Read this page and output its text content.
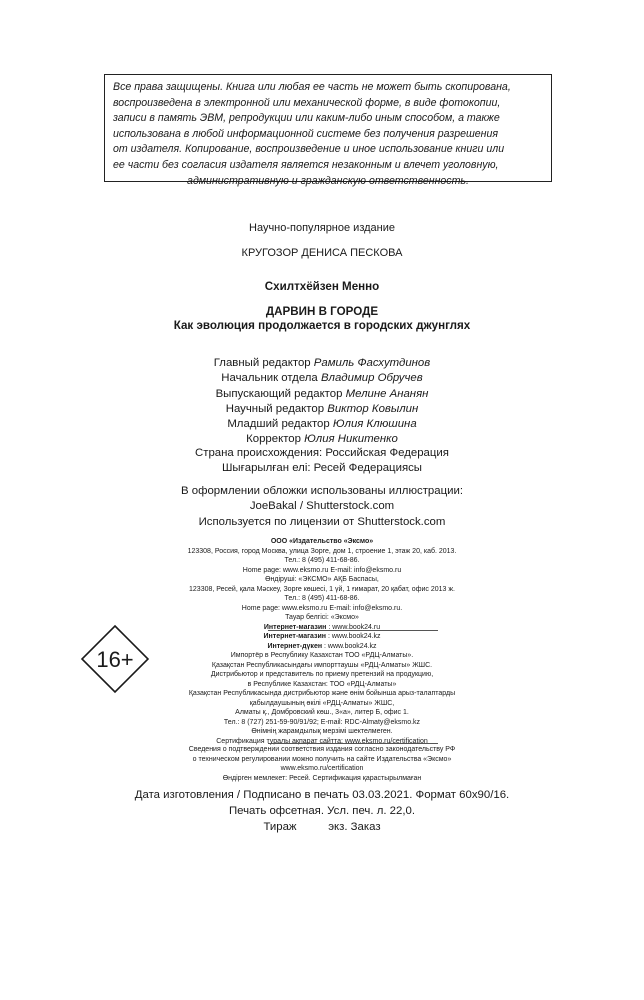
Все права защищены. Книга или любая ее часть не может быть скопирована,
воспроизведена в электронной или механической форме, в виде фотокопии,
записи в память ЭВМ, репродукции или каким-либо иным способом, а также
использована в любой информационной системе без получения разрешения
от издателя. Копирование, воспроизведение и иное использование книги или
ее части без согласия издателя является незаконным и влечет уголовную,
административную и гражданскую ответственность.
Научно-популярное издание
КРУГОЗОР ДЕНИСА ПЕСКОВА
Схилтхёйзен Менно
ДАРВИН В ГОРОДЕ
Как эволюция продолжается в городских джунглях
Главный редактор Рамиль Фасхутдинов
Начальник отдела Владимир Обручев
Выпускающий редактор Мелине Ананян
Научный редактор Виктор Ковылин
Младший редактор Юлия Клюшина
Корректор Юлия Никитенко
Страна происхождения: Российская Федерация
Шығарылған елі: Ресей Федерациясы
В оформлении обложки использованы иллюстрации:
JoeBakal / Shutterstock.com
Используется по лицензии от Shutterstock.com
ООО «Издательство «Эксмо»
123308, Россия, город Москва, улица Зорге, дом 1, строение 1, этаж 20, каб. 2013.
Тел.: 8 (495) 411-68-86.
Home page: www.eksmo.ru E-mail: info@eksmo.ru
Өндіруші: «ЭКСМО» АҚБ Баспасы,
123308, Ресей, қала Мәскеу, Зорге көшесі, 1 үй, 1 ғимарат, 20 қабат, офис 2013 ж.
Тел.: 8 (495) 411-68-86.
Home page: www.eksmo.ru E-mail: info@eksmo.ru.
Тауар белгісі: «Эксмо»
Интернет-магазин : www.book24.ru
Интернет-магазин : www.book24.kz
Интернет-дүкен : www.book24.kz
Импортёр в Республику Казахстан ТОО «РДЦ-Алматы».
Қазақстан Республикасындағы импорттаушы «РДЦ-Алматы» ЖШС.
Дистрибьютор и представитель по приему претензий на продукцию,
в Республике Казахстан: ТОО «РДЦ-Алматы»
Қазақстан Республикасында дистрибьютор және өнім бойынша арыз-талаптарды
қабылдаушының өкілі «РДЦ-Алматы» ЖШС,
Алматы қ., Домбровский көш., 3«а», литер Б, офис 1.
Тел.: 8 (727) 251-59-90/91/92; E-mail: RDC-Almaty@eksmo.kz
Өнімнің жарамдылық мерзімі шектелмеген.
Сертификация туралы ақпарат сайтта: www.eksmo.ru/certification
Сведения о подтверждении соответствия издания согласно законодательству РФ
о техническом регулировании можно получить на сайте Издательства «Эксмо»
www.eksmo.ru/certification
Өндірген мемлекет: Ресей. Сертификация қарастырылмаған
16+
Дата изготовления / Подписано в печать 03.03.2021. Формат 60x90/16.
Печать офсетная. Усл. печ. л. 22,0.
Тираж          экз. Заказ
